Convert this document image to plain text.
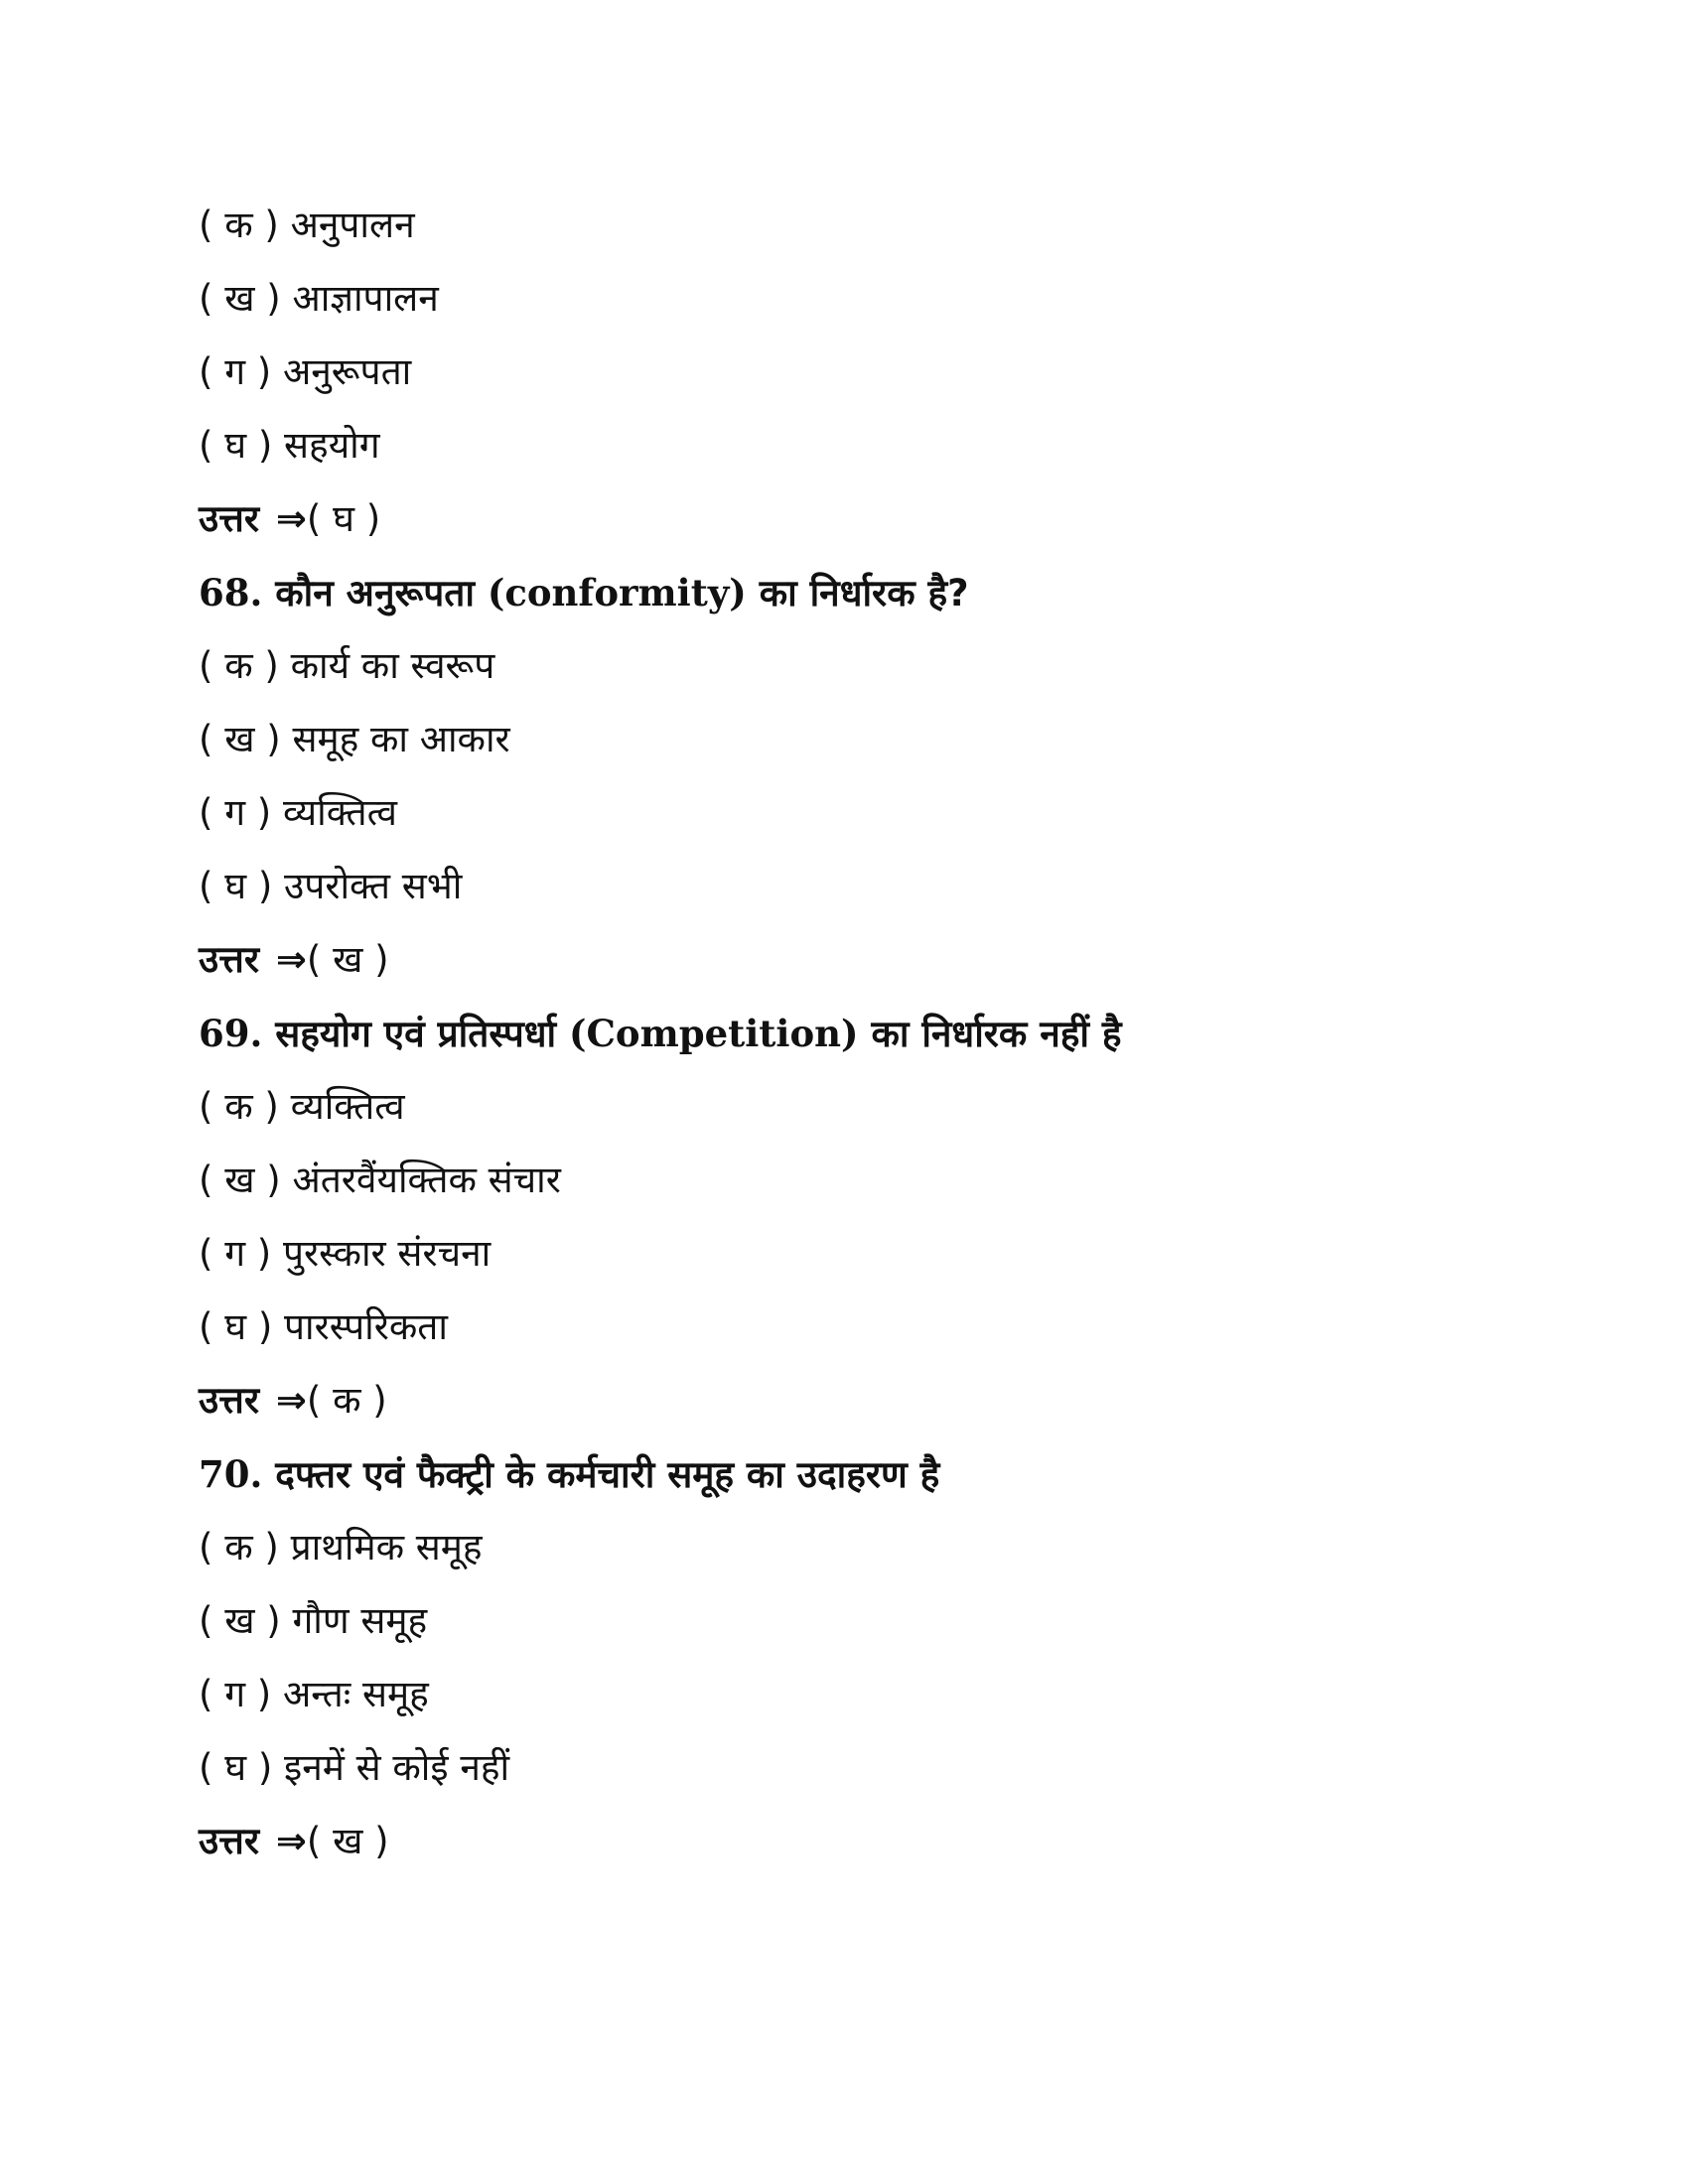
( क ) अनुपालन
( ख ) आज्ञापालन
( ग ) अनुरूपता
( घ ) सहयोग
उत्तर ⇒( घ )
68. कौन अनुरूपता (conformity) का निर्धारक है?
( क ) कार्य का स्वरूप
( ख ) समूह का आकार
( ग ) व्यक्तित्व
( घ ) उपरोक्त सभी
उत्तर ⇒( ख )
69. सहयोग एवं प्रतिस्पर्धा (Competition) का निर्धारक नहीं है
( क ) व्यक्तित्व
( ख ) अंतरवैंयक्तिक संचार
( ग ) पुरस्कार संरचना
( घ ) पारस्परिकता
उत्तर ⇒( क )
70. दफ्तर एवं फैक्ट्री के कर्मचारी समूह का उदाहरण है
( क ) प्राथमिक समूह
( ख ) गौण समूह
( ग ) अन्तः समूह
( घ ) इनमें से कोई नहीं
उत्तर ⇒( ख )
